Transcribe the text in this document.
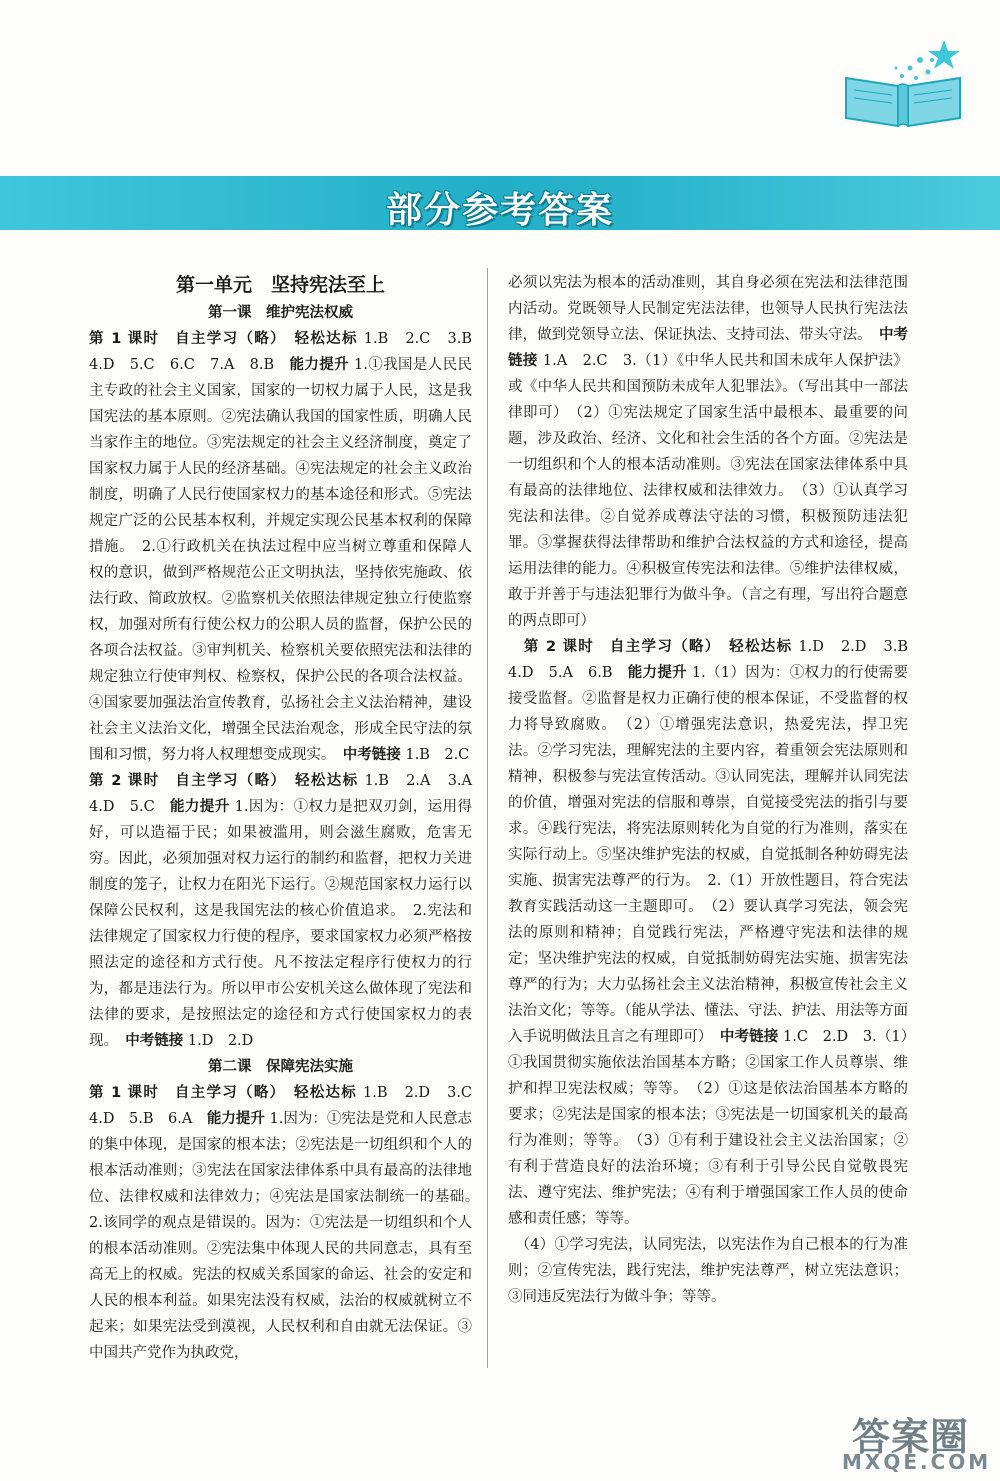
部分参考答案

第一单元　坚持宪法至上

第一课　维护宪法权威

第 1 课时　自主学习（略）　 轻松达标 1.B　2.C　3.B　4.D　5.C　6.C　7.A　8.B　能力提升 1.①我国是人民民主专政的社会主义国家，国家的一切权力属于人民，这是我国宪法的基本原则。②宪法确认我国的国家性质，明确人民当家作主的地位。③宪法规定的社会主义经济制度，奠定了国家权力属于人民的经济基础。④宪法规定的社会主义政治制度，明确了人民行使国家权力的基本途径和形式。⑤宪法规定广泛的公民基本权利，并规定实现公民基本权利的保障措施。　2.①行政机关在执法过程中应当树立尊重和保障人权的意识，做到严格规范公正文明执法，坚持依宪施政、依法行政、简政放权。②监察机关依照法律规定独立行使监察权，加强对所有行使公权力的公职人员的监督，保护公民的各项合法权益。③审判机关、检察机关要依照宪法和法律的规定独立行使审判权、检察权，保护公民的各项合法权益。④国家要加强法治宣传教育，弘扬社会主义法治精神，建设社会主义法治文化，增强全民法治观念，形成全民守法的氛围和习惯，努力将人权理想变成现实。　中考链接 1.B　2.C

第 2 课时　自主学习（略）　 轻松达标 1.B　2.A　3.A　4.D　5.C　能力提升 1.因为：①权力是把双刃剑，运用得好，可以造福于民；如果被滥用，则会滋生腐败，危害无穷。因此，必须加强对权力运行的制约和监督，把权力关进制度的笼子，让权力在阳光下运行。②规范国家权力运行以保障公民权利，这是我国宪法的核心价值追求。　2.宪法和法律规定了国家权力行使的程序，要求国家权力必须严格按照法定的途径和方式行使。凡不按法定程序行使权力的行为，都是违法行为。所以甲市公安机关这么做体现了宪法和法律的要求，是按照法定的途径和方式行使国家权力的表现。　中考链接 1.D　2.D

第二课　保障宪法实施

第 1 课时　自主学习（略）　 轻松达标 1.B　2.D　3.C　4.D　5.B　6.A　能力提升 1.因为：①宪法是党和人民意志的集中体现，是国家的根本法；②宪法是一切组织和个人的根本活动准则；③宪法在国家法律体系中具有最高的法律地位、法律权威和法律效力；④宪法是国家法制统一的基础。　2.该同学的观点是错误的。因为：①宪法是一切组织和个人的根本活动准则。②宪法集中体现人民的共同意志，具有至高无上的权威。宪法的权威关系国家的命运、社会的安定和人民的根本利益。如果宪法没有权威，法治的权威就树立不起来；如果宪法受到漠视，人民权利和自由就无法保证。③中国共产党作为执政党，

必须以宪法为根本的活动准则，其自身必须在宪法和法律范围内活动。党既领导人民制定宪法法律，也领导人民执行宪法法律，做到党领导立法、保证执法、支持司法、带头守法。　中考链接 1.A　2.C　3.（1）《中华人民共和国未成年人保护法》或《中华人民共和国预防未成年人犯罪法》。（写出其中一部法律即可）　（2）①宪法规定了国家生活中最根本、最重要的问题，涉及政治、经济、文化和社会生活的各个方面。②宪法是一切组织和个人的根本活动准则。③宪法在国家法律体系中具有最高的法律地位、法律权威和法律效力。　（3）①认真学习宪法和法律。②自觉养成尊法守法的习惯，积极预防违法犯罪。③掌握获得法律帮助和维护合法权益的方式和途径，提高运用法律的能力。④积极宣传宪法和法律。⑤维护法律权威，敢于并善于与违法犯罪行为做斗争。（言之有理，写出符合题意的两点即可）

　第 2 课时　自主学习（略）　 轻松达标 1.D　2.D　3.B　4.D　5.A　6.B　能力提升 1.（1）因为：①权力的行使需要接受监督。②监督是权力正确行使的根本保证，不受监督的权力将导致腐败。　（2）①增强宪法意识，热爱宪法，捍卫宪法。②学习宪法，理解宪法的主要内容，着重领会宪法原则和精神，积极参与宪法宣传活动。③认同宪法，理解并认同宪法的价值，增强对宪法的信服和尊崇，自觉接受宪法的指引与要求。④践行宪法，将宪法原则转化为自觉的行为准则，落实在实际行动上。⑤坚决维护宪法的权威，自觉抵制各种妨碍宪法实施、损害宪法尊严的行为。　2.（1）开放性题目，符合宪法教育实践活动这一主题即可。　（2）要认真学习宪法，领会宪法的原则和精神；自觉践行宪法，严格遵守宪法和法律的规定；坚决维护宪法的权威，自觉抵制妨碍宪法实施、损害宪法尊严的行为；大力弘扬社会主义法治精神，积极宣传社会主义法治文化；等等。（能从学法、懂法、守法、护法、用法等方面入手说明做法且言之有理即可）　中考链接 1.C　2.D　3.（1）①我国贯彻实施依法治国基本方略；②国家工作人员尊崇、维护和捍卫宪法权威；等等。　（2）①这是依法治国基本方略的要求；②宪法是国家的根本法；③宪法是一切国家机关的最高行为准则；等等。　（3）①有利于建设社会主义法治国家；②有利于营造良好的法治环境；③有利于引导公民自觉敬畏宪法、遵守宪法、维护宪法；④有利于增强国家工作人员的使命感和责任感；等等。

　（4）①学习宪法，认同宪法，以宪法作为自己根本的行为准则；②宣传宪法，践行宪法，维护宪法尊严，树立宪法意识；③同违反宪法行为做斗争；等等。

答案圈
MXQE.COM
